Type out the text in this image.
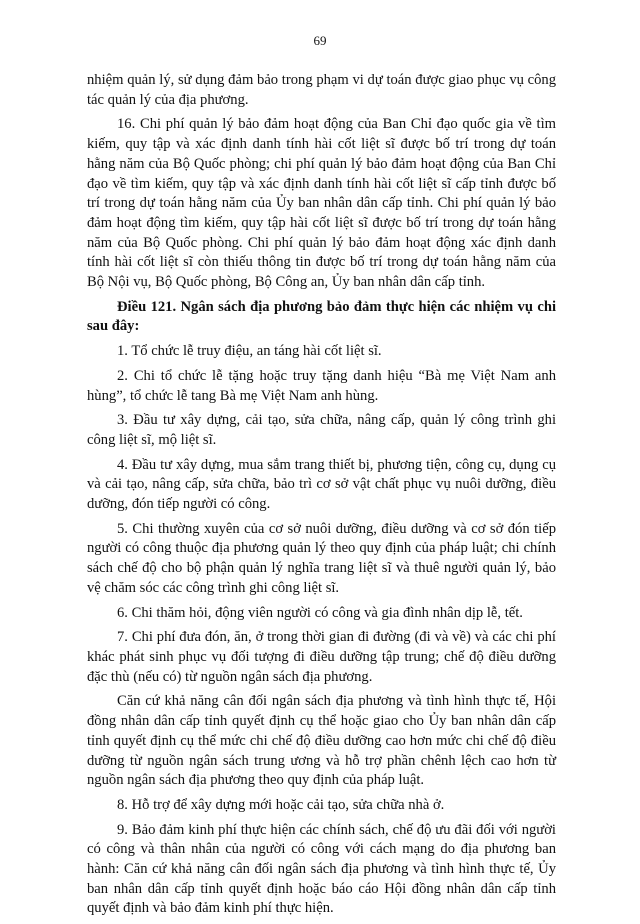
69

nhiệm quản lý, sử dụng đảm bảo trong phạm vi dự toán được giao phục vụ công tác quản lý của địa phương.

16. Chi phí quản lý bảo đảm hoạt động của Ban Chỉ đạo quốc gia về tìm kiếm, quy tập và xác định danh tính hài cốt liệt sĩ được bố trí trong dự toán hằng năm của Bộ Quốc phòng; chi phí quản lý bảo đảm hoạt động của Ban Chỉ đạo về tìm kiếm, quy tập và xác định danh tính hài cốt liệt sĩ cấp tỉnh được bố trí trong dự toán hằng năm của Ủy ban nhân dân cấp tỉnh. Chi phí quản lý bảo đảm hoạt động tìm kiếm, quy tập hài cốt liệt sĩ được bố trí trong dự toán hằng năm của Bộ Quốc phòng. Chi phí quản lý bảo đảm hoạt động xác định danh tính hài cốt liệt sĩ còn thiếu thông tin được bố trí trong dự toán hằng năm của Bộ Nội vụ, Bộ Quốc phòng, Bộ Công an, Ủy ban nhân dân cấp tỉnh.

Điều 121. Ngân sách địa phương bảo đảm thực hiện các nhiệm vụ chi sau đây:

1. Tổ chức lễ truy điệu, an táng hài cốt liệt sĩ.

2. Chi tổ chức lễ tặng hoặc truy tặng danh hiệu “Bà mẹ Việt Nam anh hùng”, tổ chức lễ tang Bà mẹ Việt Nam anh hùng.

3. Đầu tư xây dựng, cải tạo, sửa chữa, nâng cấp, quản lý công trình ghi công liệt sĩ, mộ liệt sĩ.

4. Đầu tư xây dựng, mua sắm trang thiết bị, phương tiện, công cụ, dụng cụ và cải tạo, nâng cấp, sửa chữa, bảo trì cơ sở vật chất phục vụ nuôi dưỡng, điều dưỡng, đón tiếp người có công.

5. Chi thường xuyên của cơ sở nuôi dưỡng, điều dưỡng và cơ sở đón tiếp người có công thuộc địa phương quản lý theo quy định của pháp luật; chi chính sách chế độ cho bộ phận quản lý nghĩa trang liệt sĩ và thuê người quản lý, bảo vệ chăm sóc các công trình ghi công liệt sĩ.

6. Chi thăm hỏi, động viên người có công và gia đình nhân dịp lễ, tết.

7. Chi phí đưa đón, ăn, ở trong thời gian đi đường (đi và về) và các chi phí khác phát sinh phục vụ đối tượng đi điều dưỡng tập trung; chế độ điều dưỡng đặc thù (nếu có) từ nguồn ngân sách địa phương.

Căn cứ khả năng cân đối ngân sách địa phương và tình hình thực tế, Hội đồng nhân dân cấp tỉnh quyết định cụ thể hoặc giao cho Ủy ban nhân dân cấp tỉnh quyết định cụ thể mức chi chế độ điều dưỡng cao hơn mức chi chế độ điều dưỡng từ nguồn ngân sách trung ương và hỗ trợ phần chênh lệch cao hơn từ nguồn ngân sách địa phương theo quy định của pháp luật.

8. Hỗ trợ để xây dựng mới hoặc cải tạo, sửa chữa nhà ở.

9. Bảo đảm kinh phí thực hiện các chính sách, chế độ ưu đãi đối với người có công và thân nhân của người có công với cách mạng do địa phương ban hành: Căn cứ khả năng cân đối ngân sách địa phương và tình hình thực tế, Ủy ban nhân dân cấp tỉnh quyết định hoặc báo cáo Hội đồng nhân dân cấp tỉnh quyết định và bảo đảm kinh phí thực hiện.
